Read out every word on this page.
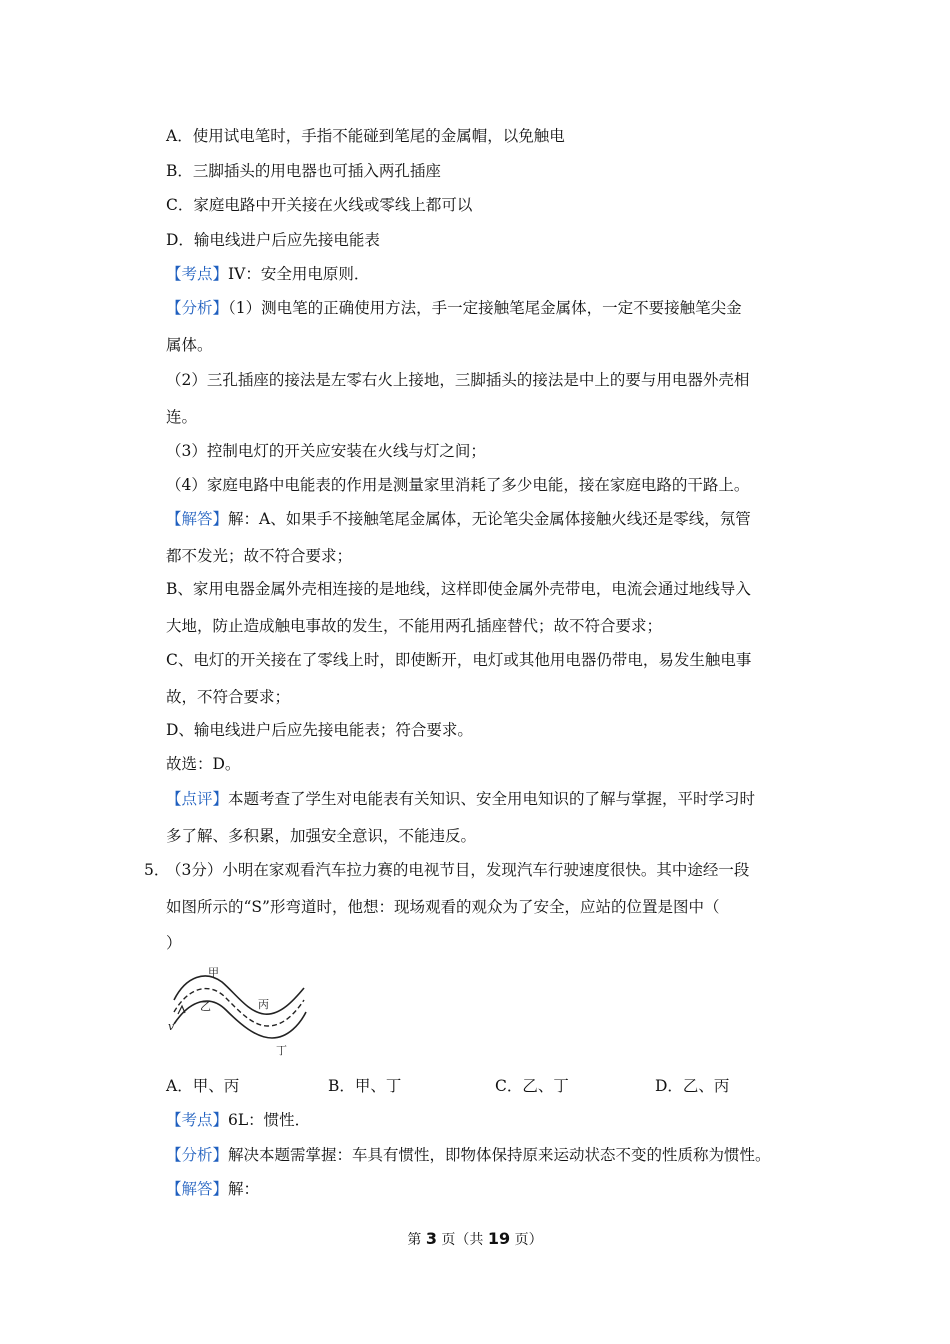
A．使用试电笔时，手指不能碰到笔尾的金属帽，以免触电
B．三脚插头的用电器也可插入两孔插座
C．家庭电路中开关接在火线或零线上都可以
D．输电线进户后应先接电能表
【考点】IV：安全用电原则．
【分析】（1）测电笔的正确使用方法，手一定接触笔尾金属体，一定不要接触笔尖金
属体。
（2）三孔插座的接法是左零右火上接地，三脚插头的接法是中上的要与用电器外壳相
连。
（3）控制电灯的开关应安装在火线与灯之间；
（4）家庭电路中电能表的作用是测量家里消耗了多少电能，接在家庭电路的干路上。
【解答】解：A、如果手不接触笔尾金属体，无论笔尖金属体接触火线还是零线，氖管
都不发光；故不符合要求；
B、家用电器金属外壳相连接的是地线，这样即使金属外壳带电，电流会通过地线导入
大地，防止造成触电事故的发生，不能用两孔插座替代；故不符合要求；
C、电灯的开关接在了零线上时，即使断开，电灯或其他用电器仍带电，易发生触电事
故，不符合要求；
D、输电线进户后应先接电能表；符合要求。
故选：D。
【点评】本题考查了学生对电能表有关知识、安全用电知识的了解与掌握，平时学习时
多了解、多积累，加强安全意识，不能违反。
5．
（3分）小明在家观看汽车拉力赛的电视节目，发现汽车行驶速度很快。其中途经一段
如图所示的“S”形弯道时，他想：现场观看的观众为了安全，应站的位置是图中（
）
甲
乙	丙
丁
v
A．甲、丙	B．甲、丁	C．乙、丁	D．乙、丙
【考点】6L：惯性．
【分析】解决本题需掌握：车具有惯性，即物体保持原来运动状态不变的性质称为惯性。
【解答】解：
第 3 页（共 19 页）
